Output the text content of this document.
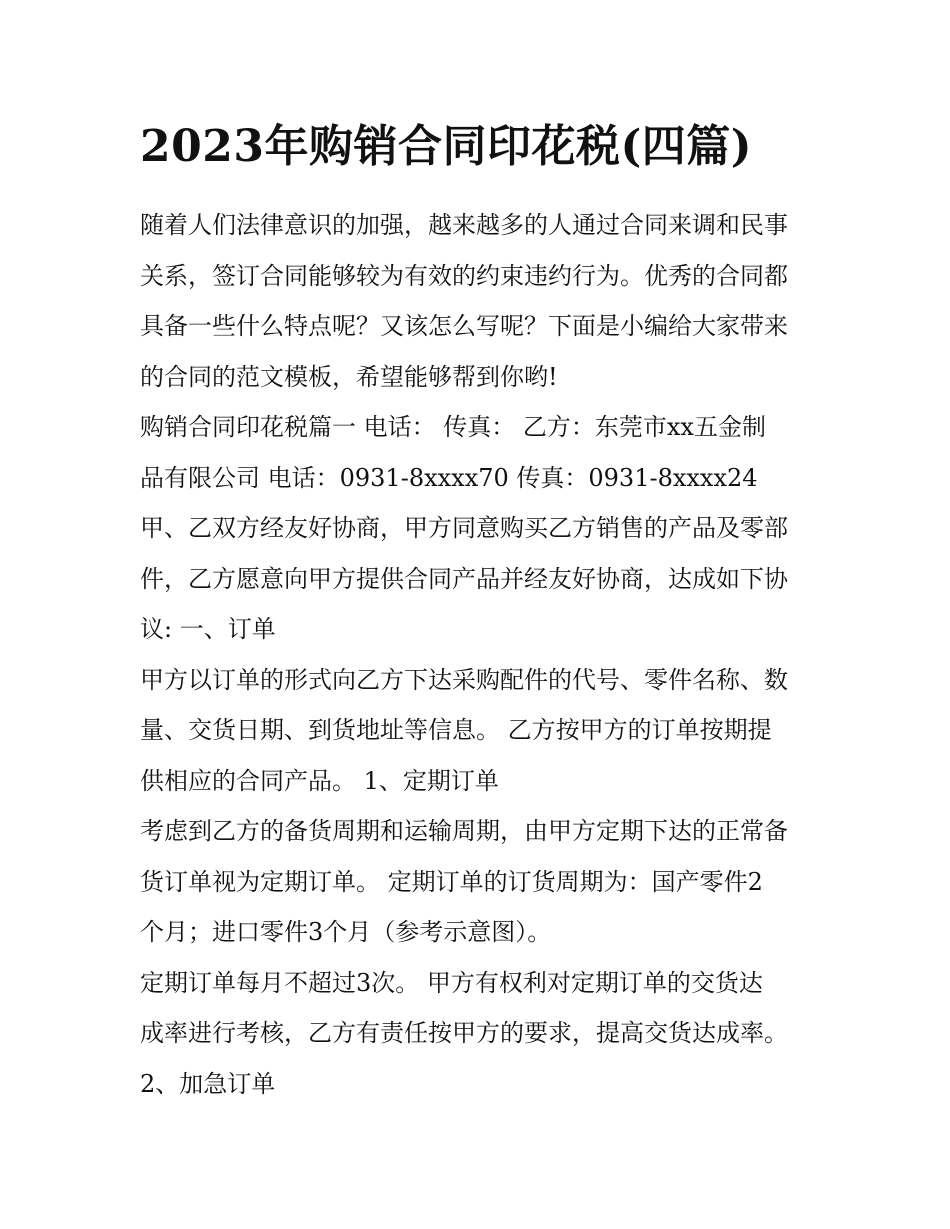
2023年购销合同印花税(四篇)
随着人们法律意识的加强，越来越多的人通过合同来调和民事
关系，签订合同能够较为有效的约束违约行为。优秀的合同都
具备一些什么特点呢？又该怎么写呢？下面是小编给大家带来
的合同的范文模板，希望能够帮到你哟!
购销合同印花税篇一 电话： 传真： 乙方：东莞市xx五金制
品有限公司 电话：0931-8xxxx70 传真：0931-8xxxx24
甲、乙双方经友好协商，甲方同意购买乙方销售的产品及零部
件，乙方愿意向甲方提供合同产品并经友好协商，达成如下协
议: 一、订单
甲方以订单的形式向乙方下达采购配件的代号、零件名称、数
量、交货日期、到货地址等信息。 乙方按甲方的订单按期提
供相应的合同产品。 1、定期订单
考虑到乙方的备货周期和运输周期，由甲方定期下达的正常备
货订单视为定期订单。 定期订单的订货周期为：国产零件2
个月；进口零件3个月（参考示意图）。
定期订单每月不超过3次。 甲方有权利对定期订单的交货达
成率进行考核，乙方有责任按甲方的要求，提高交货达成率。
2、加急订单
